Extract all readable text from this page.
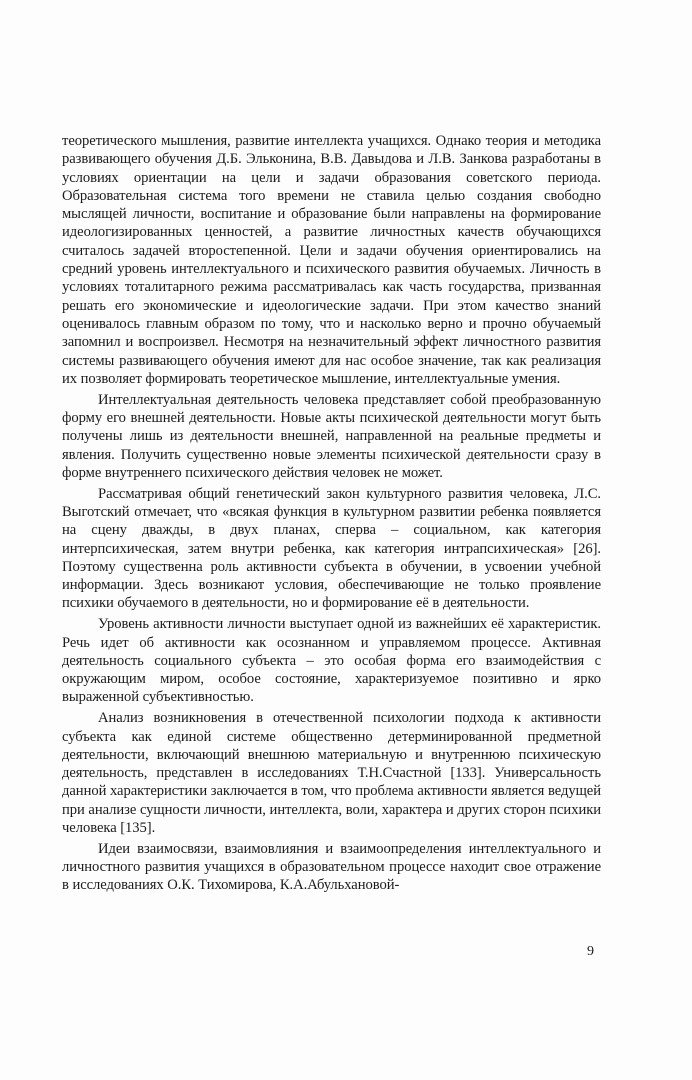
теоретического мышления, развитие интеллекта учащихся. Однако теория и методика развивающего обучения Д.Б. Эльконина, В.В. Давыдова и Л.В. Занкова разработаны в условиях ориентации на цели и задачи образования советского периода. Образовательная система того времени не ставила целью создания свободно мыслящей личности, воспитание и образование были направлены на формирование идеологизированных ценностей, а развитие личностных качеств обучающихся считалось задачей второстепенной. Цели и задачи обучения ориентировались на средний уровень интеллектуального и психического развития обучаемых. Личность в условиях тоталитарного режима рассматривалась как часть государства, призванная решать его экономические и идеологические задачи. При этом качество знаний оценивалось главным образом по тому, что и насколько верно и прочно обучаемый запомнил и воспроизвел. Несмотря на незначительный эффект личностного развития системы развивающего обучения имеют для нас особое значение, так как реализация их позволяет формировать теоретическое мышление, интеллектуальные умения.

Интеллектуальная деятельность человека представляет собой преобразованную форму его внешней деятельности. Новые акты психической деятельности могут быть получены лишь из деятельности внешней, направленной на реальные предметы и явления. Получить существенно новые элементы психической деятельности сразу в форме внутреннего психического действия человек не может.

Рассматривая общий генетический закон культурного развития человека, Л.С. Выготский отмечает, что «всякая функция в культурном развитии ребенка появляется на сцену дважды, в двух планах, сперва – социальном, как категория интерпсихическая, затем внутри ребенка, как категория интрапсихическая» [26]. Поэтому существенна роль активности субъекта в обучении, в усвоении учебной информации. Здесь возникают условия, обеспечивающие не только проявление психики обучаемого в деятельности, но и формирование её в деятельности.

Уровень активности личности выступает одной из важнейших её характеристик. Речь идет об активности как осознанном и управляемом процессе. Активная деятельность социального субъекта – это особая форма его взаимодействия с окружающим миром, особое состояние, характеризуемое позитивно и ярко выраженной субъективностью.

Анализ возникновения в отечественной психологии подхода к активности субъекта как единой системе общественно детерминированной предметной деятельности, включающий внешнюю материальную и внутреннюю психическую деятельность, представлен в исследованиях Т.Н.Счастной [133]. Универсальность данной характеристики заключается в том, что проблема активности является ведущей при анализе сущности личности, интеллекта, воли, характера и других сторон психики человека [135].

Идеи взаимосвязи, взаимовлияния и взаимоопределения интеллектуального и личностного развития учащихся в образовательном процессе находит свое отражение в исследованиях О.К. Тихомирова, К.А.Абульхановой-

9
